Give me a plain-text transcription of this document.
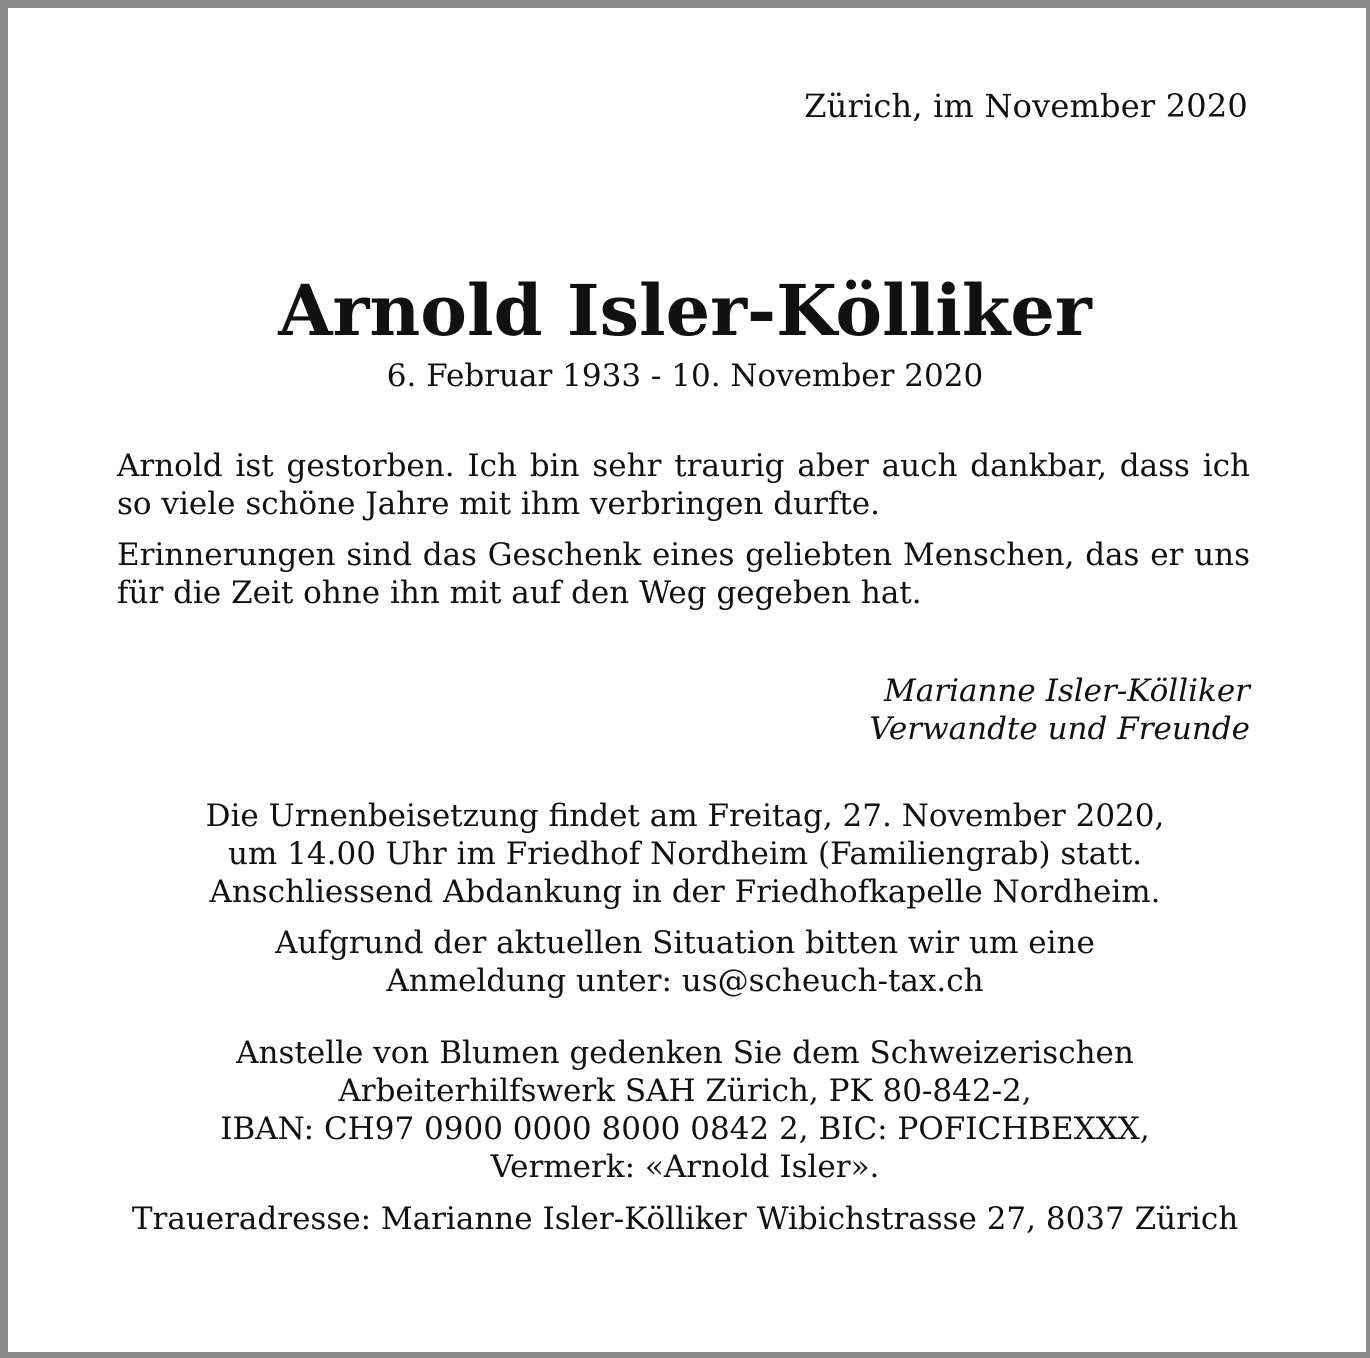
Zürich, im November 2020
Arnold Isler-Kölliker
6. Februar 1933 - 10. November 2020

Arnold ist gestorben. Ich bin sehr traurig aber auch dankbar, dass ich so viele schöne Jahre mit ihm verbringen durfte.

Erinnerungen sind das Geschenk eines geliebten Menschen, das er uns für die Zeit ohne ihn mit auf den Weg gegeben hat.

Marianne Isler-Kölliker
Verwandte und Freunde
Die Urnenbeisetzung findet am Freitag, 27. November 2020,
um 14.00 Uhr im Friedhof Nordheim (Familiengrab) statt.
Anschliessend Abdankung in der Friedhofkapelle Nordheim.
Aufgrund der aktuellen Situation bitten wir um eine
Anmeldung unter: us@scheuch-tax.ch
Anstelle von Blumen gedenken Sie dem Schweizerischen
Arbeiterhilfswerk SAH Zürich, PK 80-842-2,
IBAN: CH97 0900 0000 8000 0842 2, BIC: POFICHBEXXX,
Vermerk: «Arnold Isler».
Traueradresse: Marianne Isler-Kölliker Wibichstrasse 27, 8037 Zürich
